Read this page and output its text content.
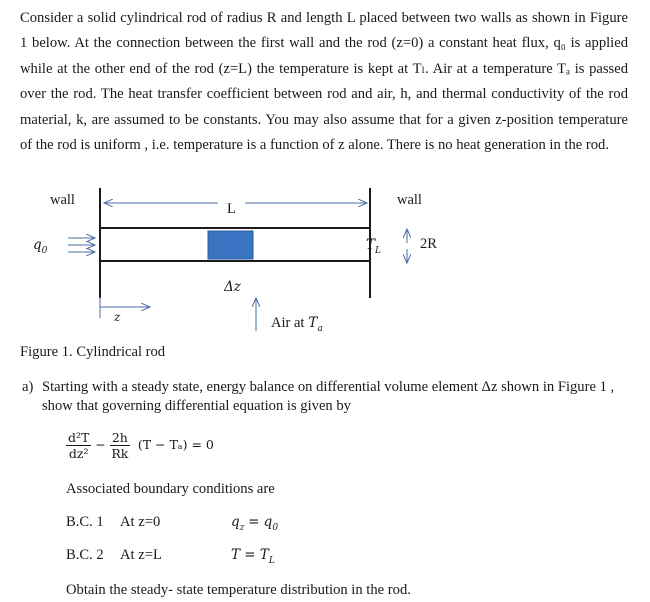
Consider a solid cylindrical rod of radius R and length L placed between two walls as shown in Figure 1 below. At the connection between the first wall and the rod (z=0) a constant heat flux, q₀ is applied while at the other end of the rod (z=L) the temperature is kept at Tₗ. Air at a temperature Tₐ is passed over the rod. The heat transfer coefficient between rod and air, h, and thermal conductivity of the rod material, k, are assumed to be constants. You may also assume that for a given z-position temperature of the rod is uniform , i.e. temperature is a function of z alone. There is no heat generation in the rod.
wall	wall
L
$q_0$	$T_L$	2R
Δz
z	Air at $T_a$
Figure 1. Cylindrical rod
a) Starting with a steady state, energy balance on differential volume element Δz shown in Figure 1 , show that governing differential equation is given by
$\frac{\text{d²T}}{\text{dz²}} - \frac{2h}{Rk} (T - T_a) = 0$
Associated boundary conditions are
B.C. 1 At z=0	$q_z = q_0$
B.C. 2 At z=L	$T = T_L$
Obtain the steady- state temperature distribution in the rod.
